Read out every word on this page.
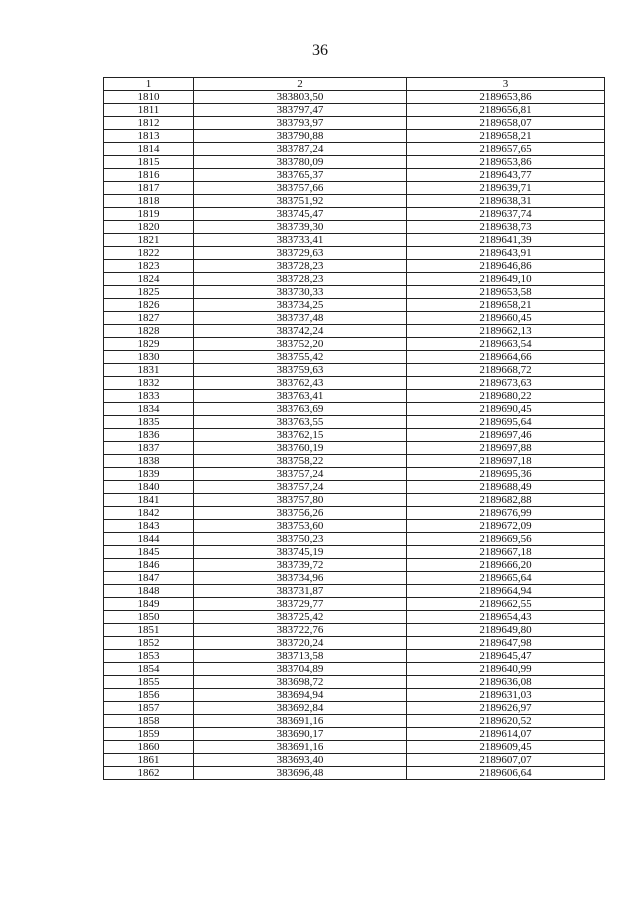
36
1	2	3
1810	383803,50	2189653,86
1811	383797,47	2189656,81
1812	383793,97	2189658,07
1813	383790,88	2189658,21
1814	383787,24	2189657,65
1815	383780,09	2189653,86
1816	383765,37	2189643,77
1817	383757,66	2189639,71
1818	383751,92	2189638,31
1819	383745,47	2189637,74
1820	383739,30	2189638,73
1821	383733,41	2189641,39
1822	383729,63	2189643,91
1823	383728,23	2189646,86
1824	383728,23	2189649,10
1825	383730,33	2189653,58
1826	383734,25	2189658,21
1827	383737,48	2189660,45
1828	383742,24	2189662,13
1829	383752,20	2189663,54
1830	383755,42	2189664,66
1831	383759,63	2189668,72
1832	383762,43	2189673,63
1833	383763,41	2189680,22
1834	383763,69	2189690,45
1835	383763,55	2189695,64
1836	383762,15	2189697,46
1837	383760,19	2189697,88
1838	383758,22	2189697,18
1839	383757,24	2189695,36
1840	383757,24	2189688,49
1841	383757,80	2189682,88
1842	383756,26	2189676,99
1843	383753,60	2189672,09
1844	383750,23	2189669,56
1845	383745,19	2189667,18
1846	383739,72	2189666,20
1847	383734,96	2189665,64
1848	383731,87	2189664,94
1849	383729,77	2189662,55
1850	383725,42	2189654,43
1851	383722,76	2189649,80
1852	383720,24	2189647,98
1853	383713,58	2189645,47
1854	383704,89	2189640,99
1855	383698,72	2189636,08
1856	383694,94	2189631,03
1857	383692,84	2189626,97
1858	383691,16	2189620,52
1859	383690,17	2189614,07
1860	383691,16	2189609,45
1861	383693,40	2189607,07
1862	383696,48	2189606,64
